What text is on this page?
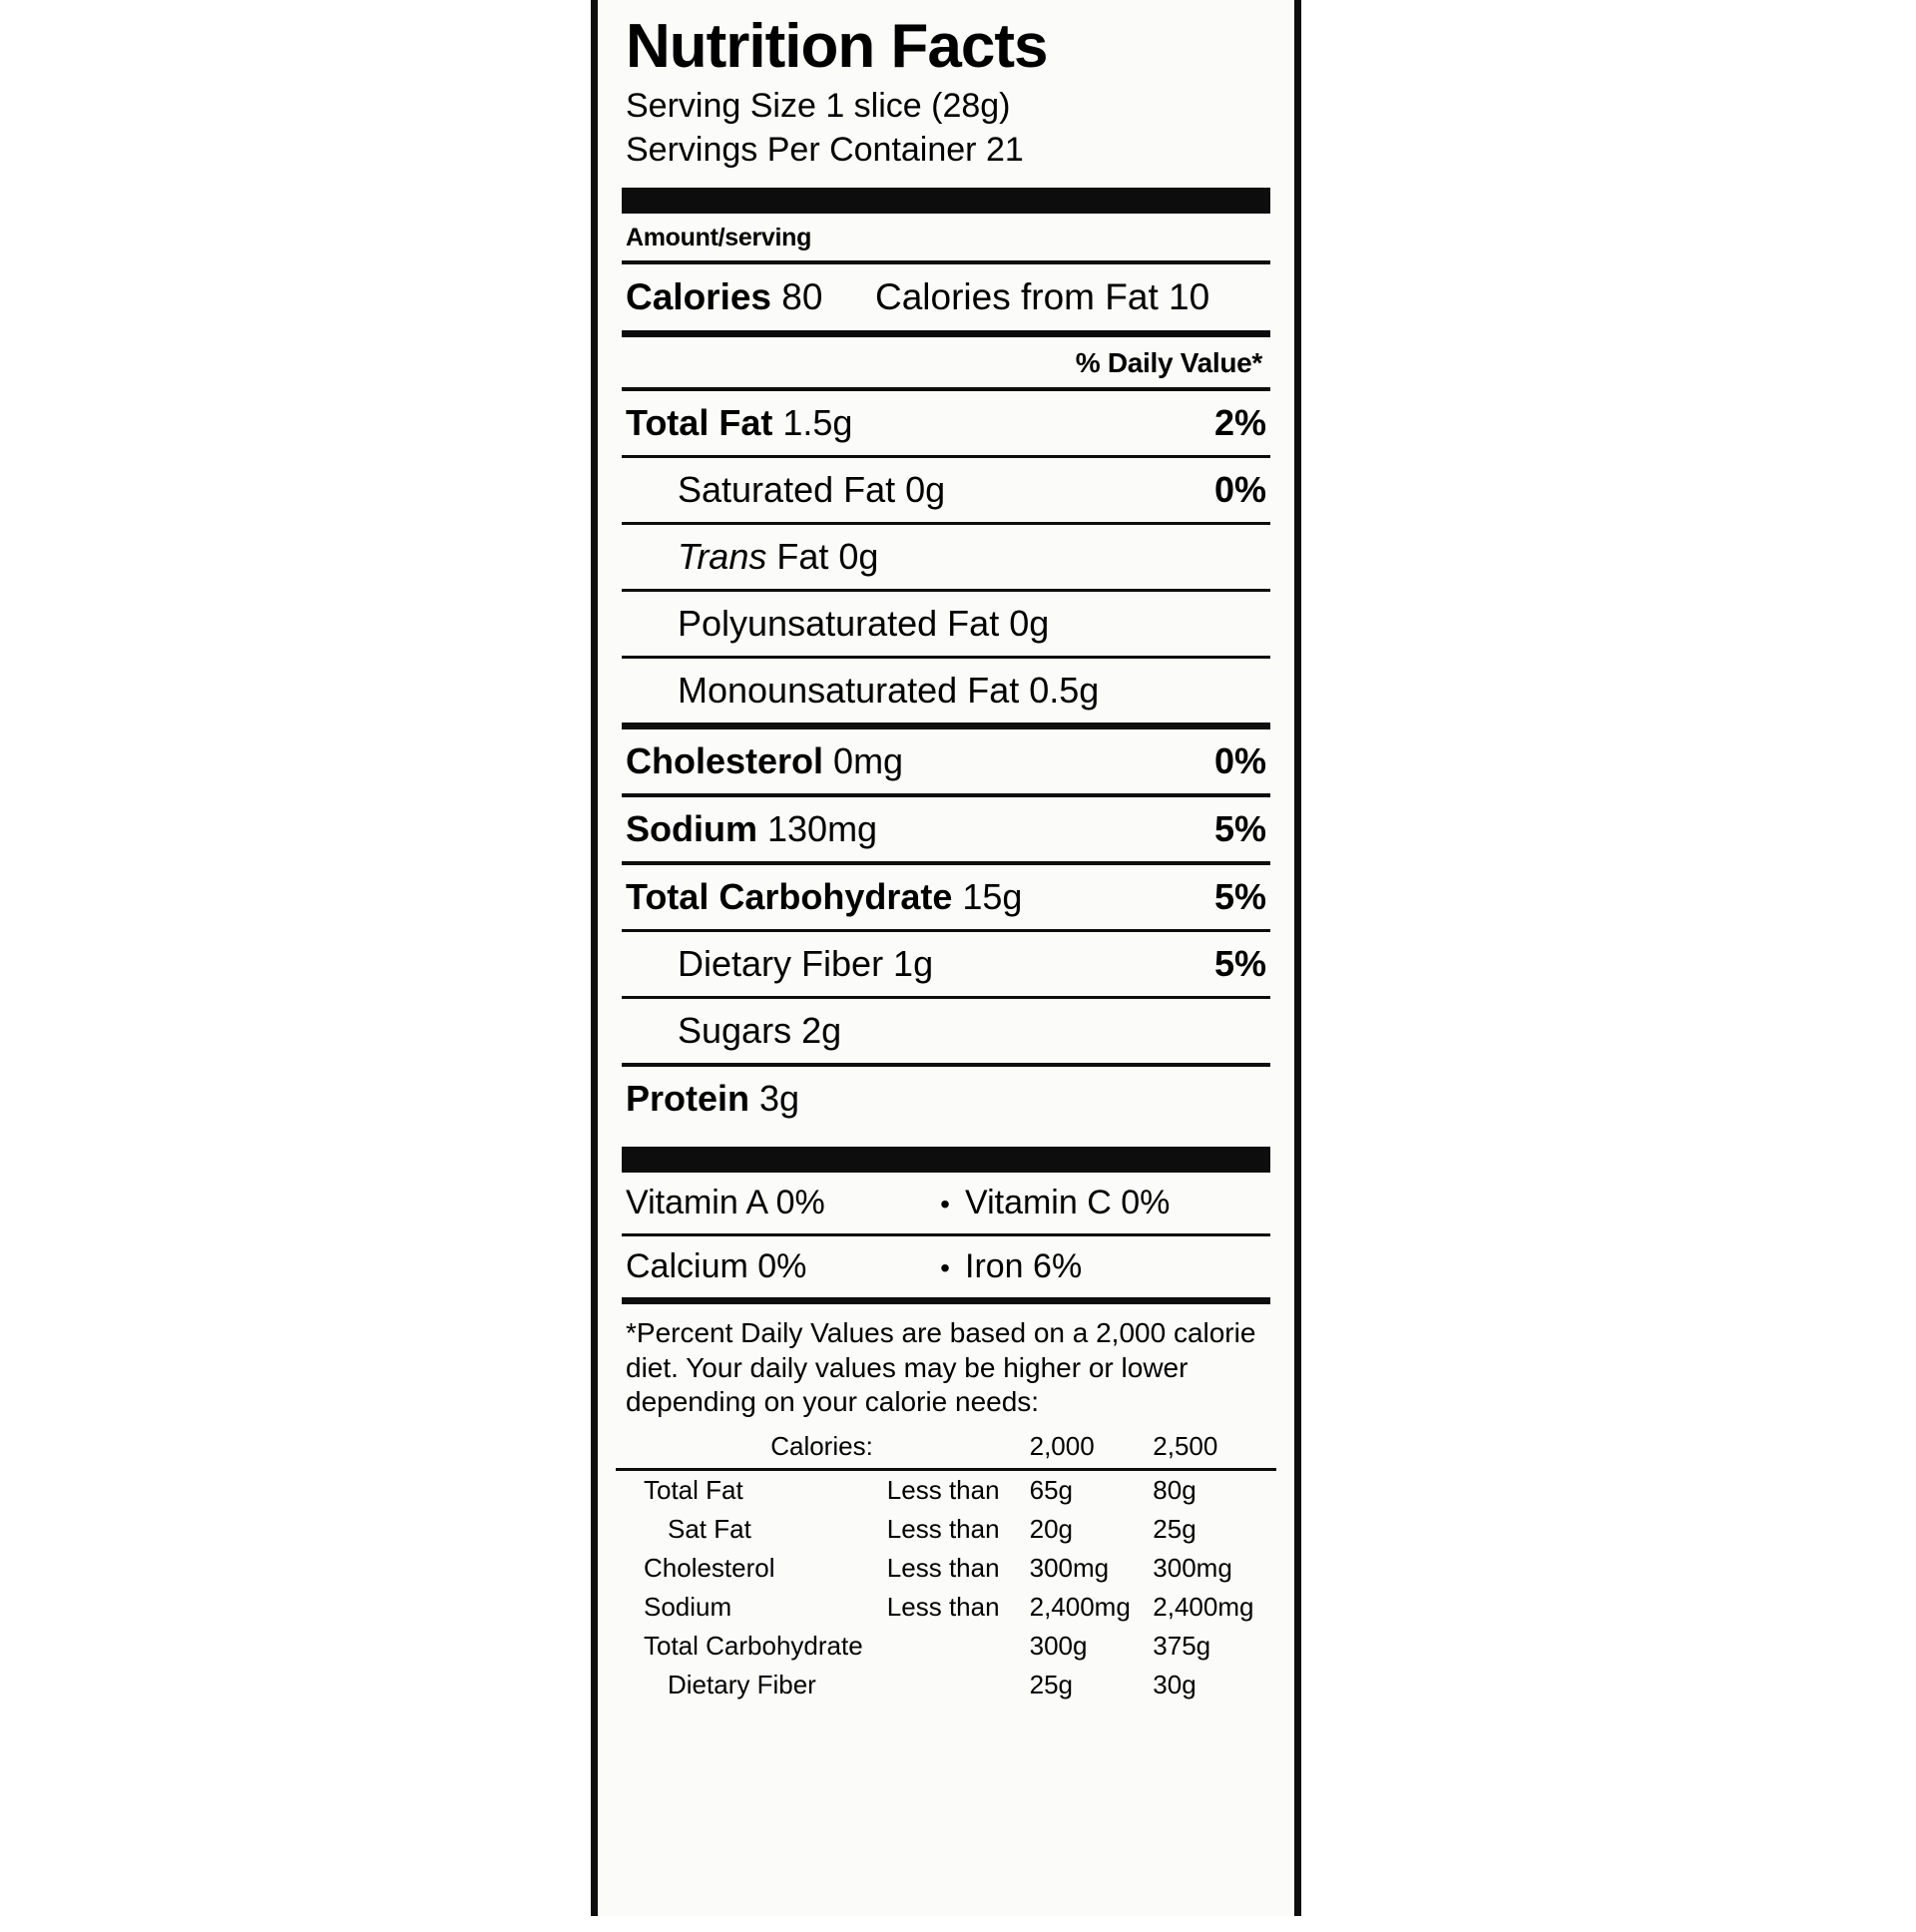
Nutrition Facts
Serving Size 1 slice (28g)
Servings Per Container 21
Amount/serving
Calories 80	Calories from Fat 10
% Daily Value*
Total Fat 1.5g	2%
Saturated Fat 0g	0%
Trans Fat 0g
Polyunsaturated Fat 0g
Monounsaturated Fat 0.5g
Cholesterol 0mg	0%
Sodium 130mg	5%
Total Carbohydrate 15g	5%
Dietary Fiber 1g	5%
Sugars 2g
Protein 3g
Vitamin A 0%	• Vitamin C 0%
Calcium 0%	• Iron 6%
*Percent Daily Values are based on a 2,000 calorie diet. Your daily values may be higher or lower depending on your calorie needs:
Calories:		2,000	2,500

Total Fat	Less than	65g	80g
Sat Fat	Less than	20g	25g
Cholesterol	Less than	300mg	300mg
Sodium	Less than	2,400mg	2,400mg
Total Carbohydrate		300g	375g
Dietary Fiber		25g	30g
